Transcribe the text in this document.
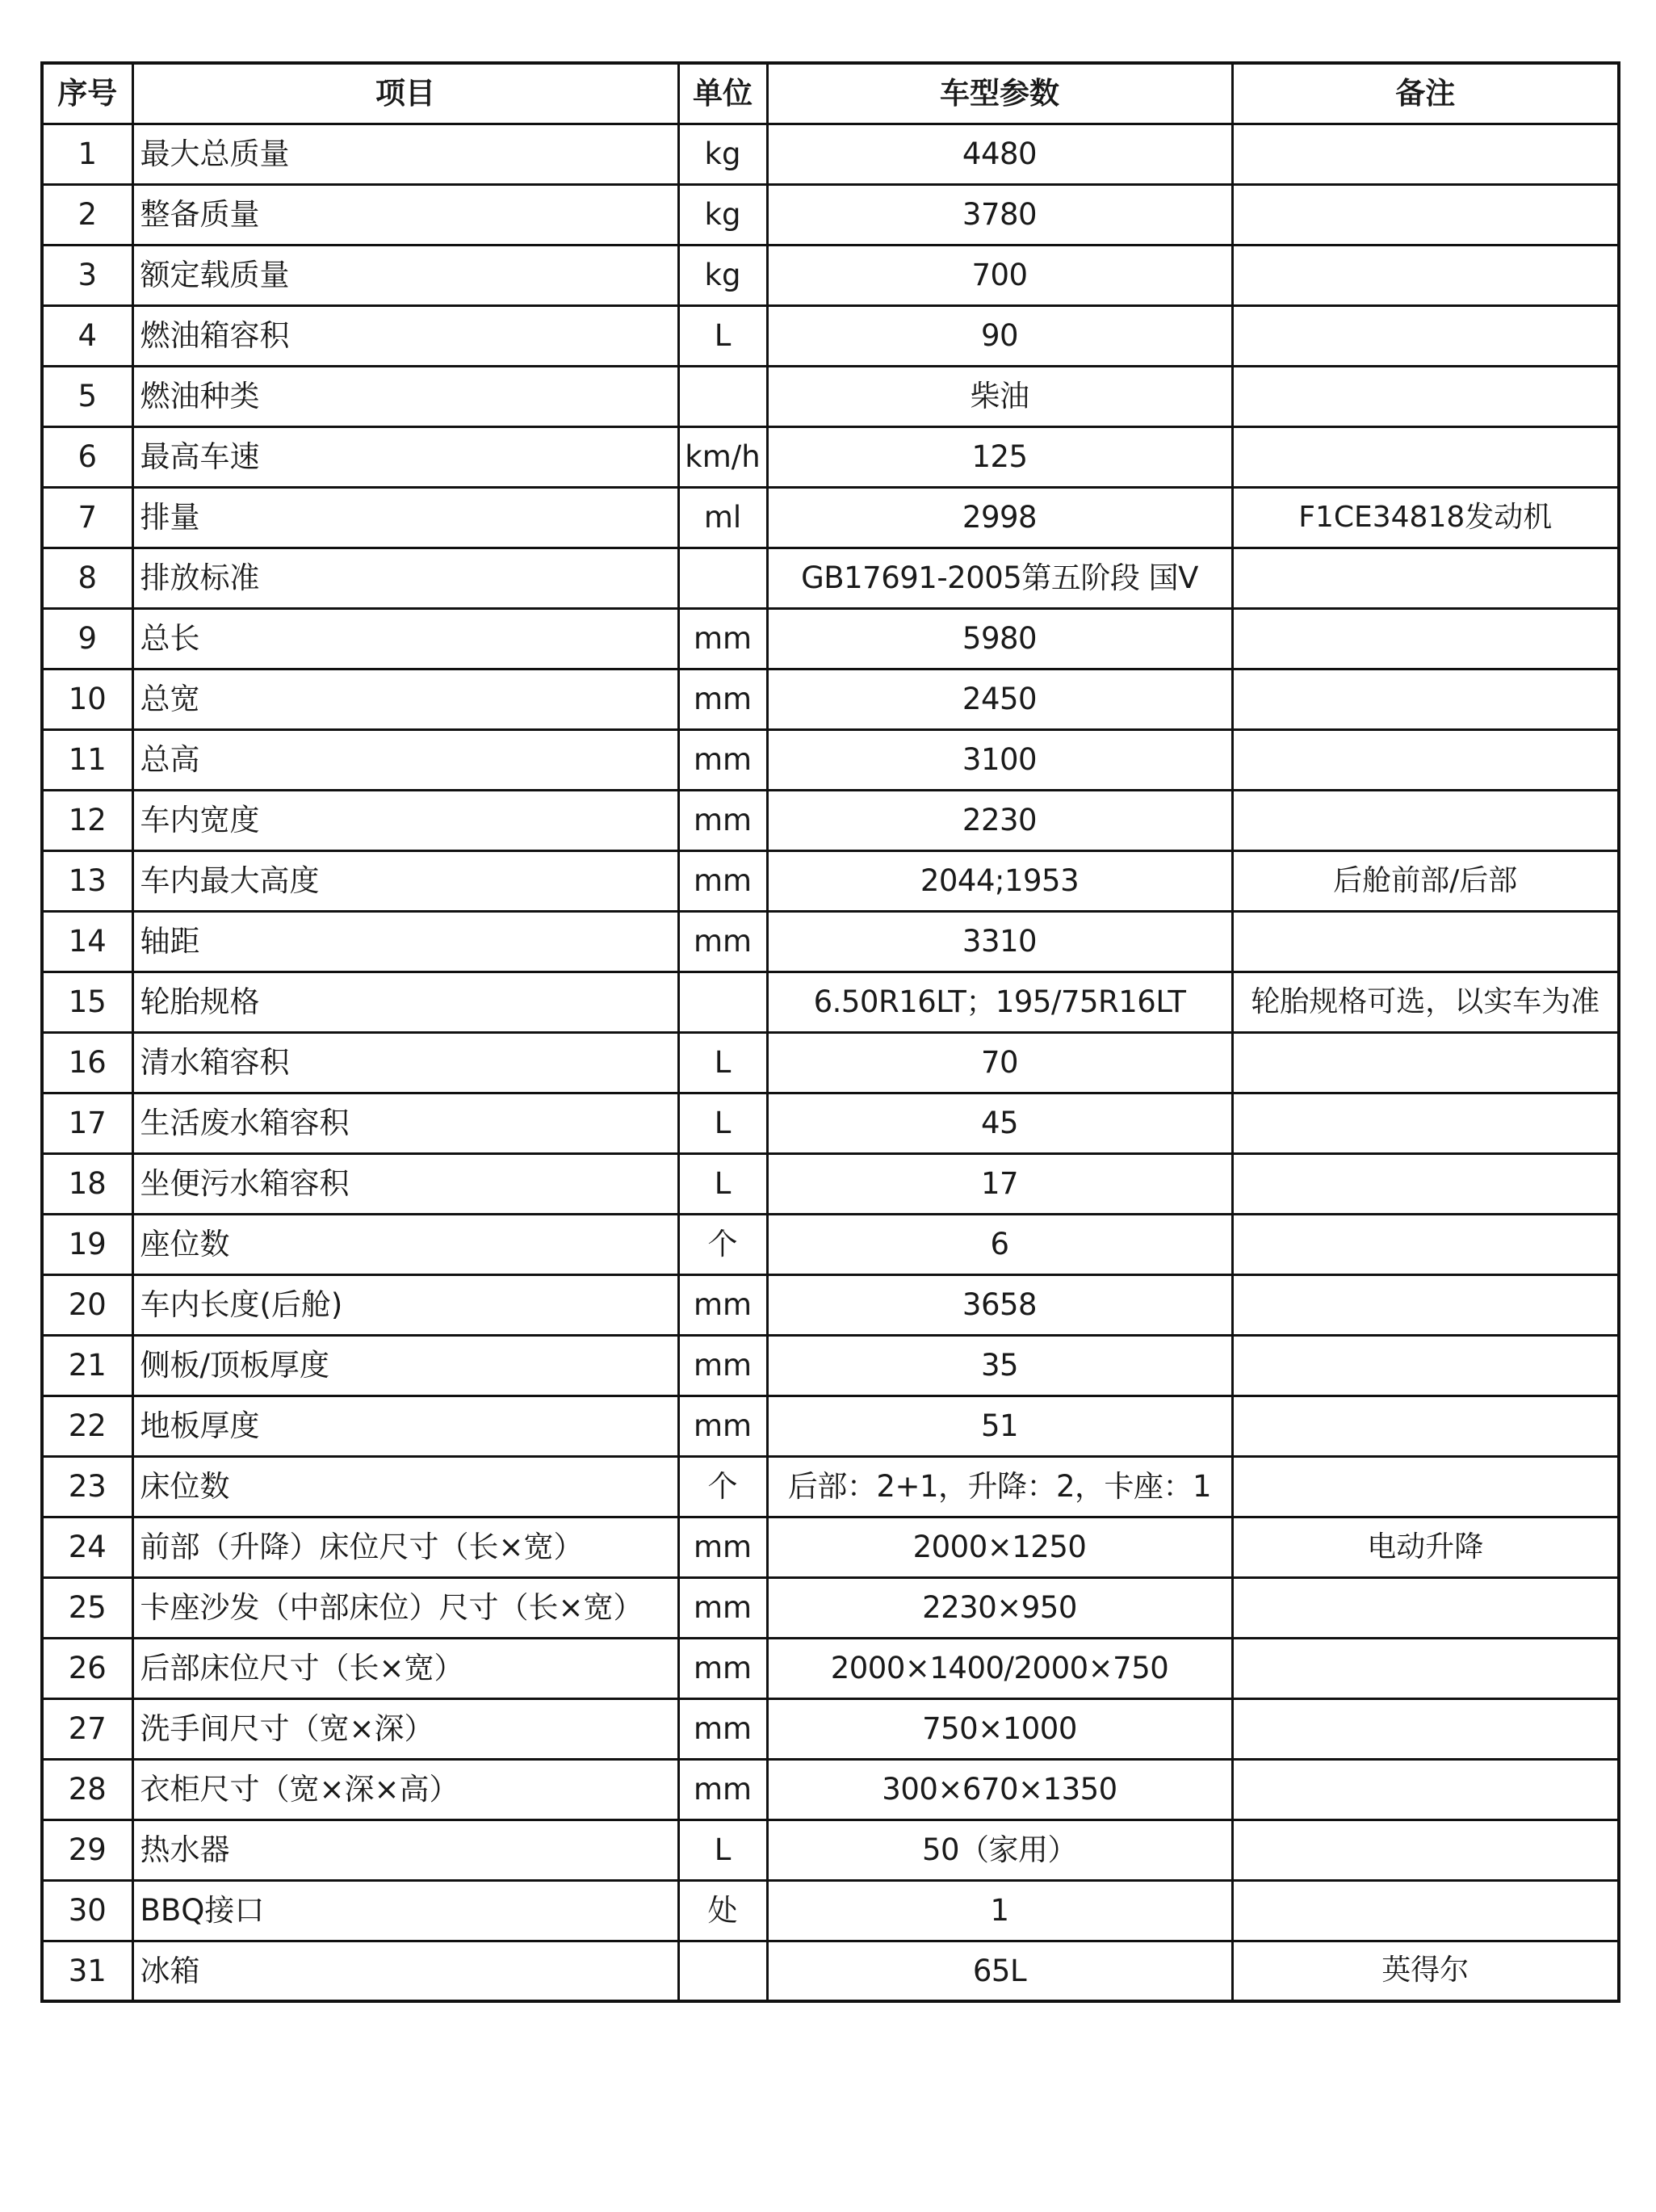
序号	项目	单位	车型参数	备注
1	最大总质量	kg	4480	
2	整备质量	kg	3780	
3	额定载质量	kg	700	
4	燃油箱容积	L	90	
5	燃油种类		柴油	
6	最高车速	km/h	125	
7	排量	ml	2998	F1CE34818发动机
8	排放标准		GB17691-2005第五阶段 国V	
9	总长	mm	5980	
10	总宽	mm	2450	
11	总高	mm	3100	
12	车内宽度	mm	2230	
13	车内最大高度	mm	2044;1953	后舱前部/后部
14	轴距	mm	3310	
15	轮胎规格		6.50R16LT；195/75R16LT	轮胎规格可选，以实车为准
16	清水箱容积	L	70	
17	生活废水箱容积	L	45	
18	坐便污水箱容积	L	17	
19	座位数	个	6	
20	车内长度(后舱)	mm	3658	
21	侧板/顶板厚度	mm	35	
22	地板厚度	mm	51	
23	床位数	个	后部：2+1，升降：2，卡座：1	
24	前部（升降）床位尺寸（长×宽）	mm	2000×1250	电动升降
25	卡座沙发（中部床位）尺寸（长×宽）	mm	2230×950	
26	后部床位尺寸（长×宽）	mm	2000×1400/2000×750	
27	洗手间尺寸（宽×深）	mm	750×1000	
28	衣柜尺寸（宽×深×高）	mm	300×670×1350	
29	热水器	L	50（家用）	
30	BBQ接口	处	1	
31	冰箱		65L	英得尔
